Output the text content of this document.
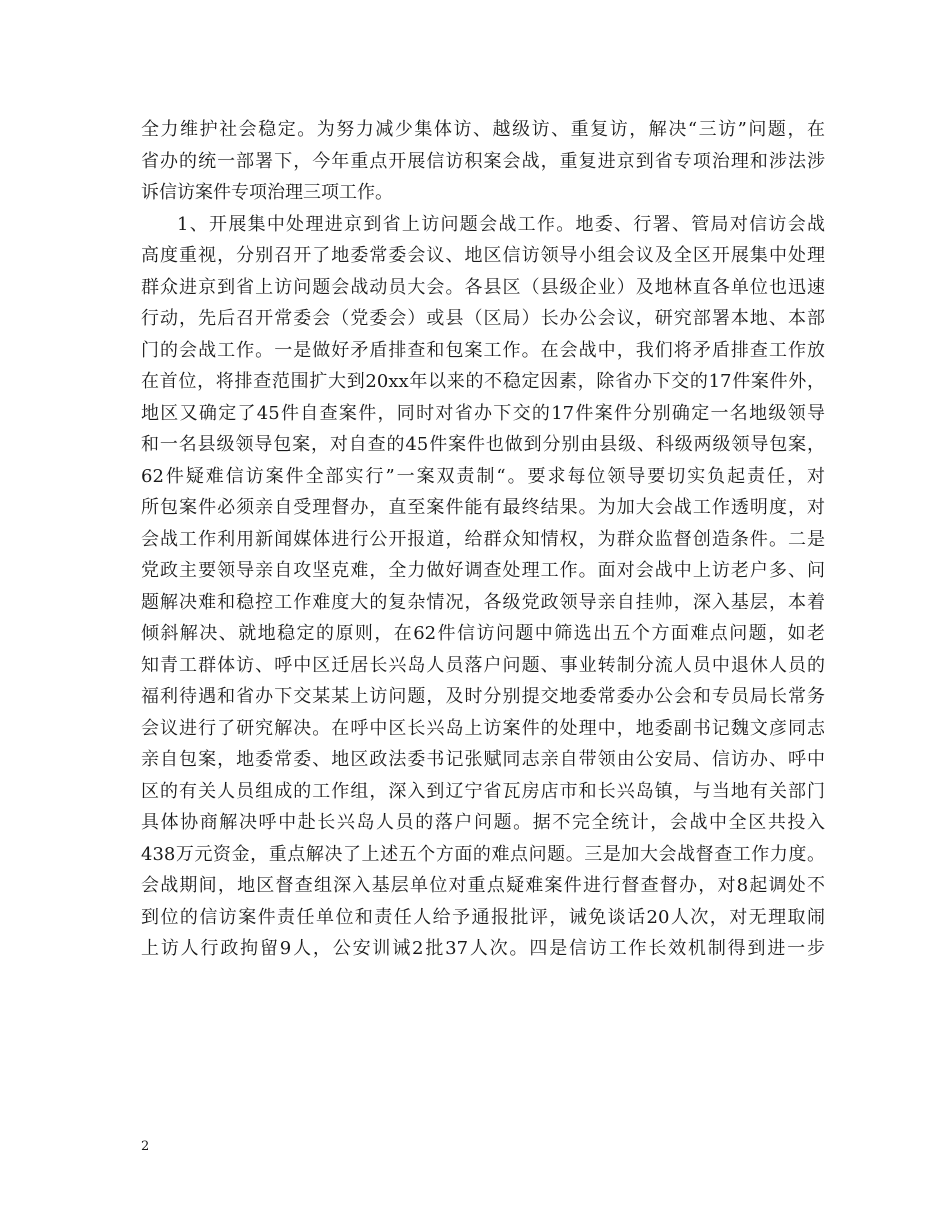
全力维护社会稳定。为努力减少集体访、越级访、重复访，解决“三访”问题，在
省办的统一部署下，今年重点开展信访积案会战，重复进京到省专项治理和涉法涉
诉信访案件专项治理三项工作。
1、开展集中处理进京到省上访问题会战工作。地委、行署、管局对信访会战
高度重视，分别召开了地委常委会议、地区信访领导小组会议及全区开展集中处理
群众进京到省上访问题会战动员大会。各县区（县级企业）及地林直各单位也迅速
行动，先后召开常委会（党委会）或县（区局）长办公会议，研究部署本地、本部
门的会战工作。一是做好矛盾排查和包案工作。在会战中，我们将矛盾排查工作放
在首位，将排查范围扩大到20xx年以来的不稳定因素，除省办下交的17件案件外，
地区又确定了45件自查案件，同时对省办下交的17件案件分别确定一名地级领导
和一名县级领导包案，对自查的45件案件也做到分别由县级、科级两级领导包案，
62件疑难信访案件全部实行”一案双责制“。要求每位领导要切实负起责任，对
所包案件必须亲自受理督办，直至案件能有最终结果。为加大会战工作透明度，对
会战工作利用新闻媒体进行公开报道，给群众知情权，为群众监督创造条件。二是
党政主要领导亲自攻坚克难，全力做好调查处理工作。面对会战中上访老户多、问
题解决难和稳控工作难度大的复杂情况，各级党政领导亲自挂帅，深入基层，本着
倾斜解决、就地稳定的原则，在62件信访问题中筛选出五个方面难点问题，如老
知青工群体访、呼中区迁居长兴岛人员落户问题、事业转制分流人员中退休人员的
福利待遇和省办下交某某上访问题，及时分别提交地委常委办公会和专员局长常务
会议进行了研究解决。在呼中区长兴岛上访案件的处理中，地委副书记魏文彦同志
亲自包案，地委常委、地区政法委书记张赋同志亲自带领由公安局、信访办、呼中
区的有关人员组成的工作组，深入到辽宁省瓦房店市和长兴岛镇，与当地有关部门
具体协商解决呼中赴长兴岛人员的落户问题。据不完全统计，会战中全区共投入
438万元资金，重点解决了上述五个方面的难点问题。三是加大会战督查工作力度。
会战期间，地区督查组深入基层单位对重点疑难案件进行督查督办，对8起调处不
到位的信访案件责任单位和责任人给予通报批评，诫免谈话20人次，对无理取闹
上访人行政拘留9人，公安训诫2批37人次。四是信访工作长效机制得到进一步
2
